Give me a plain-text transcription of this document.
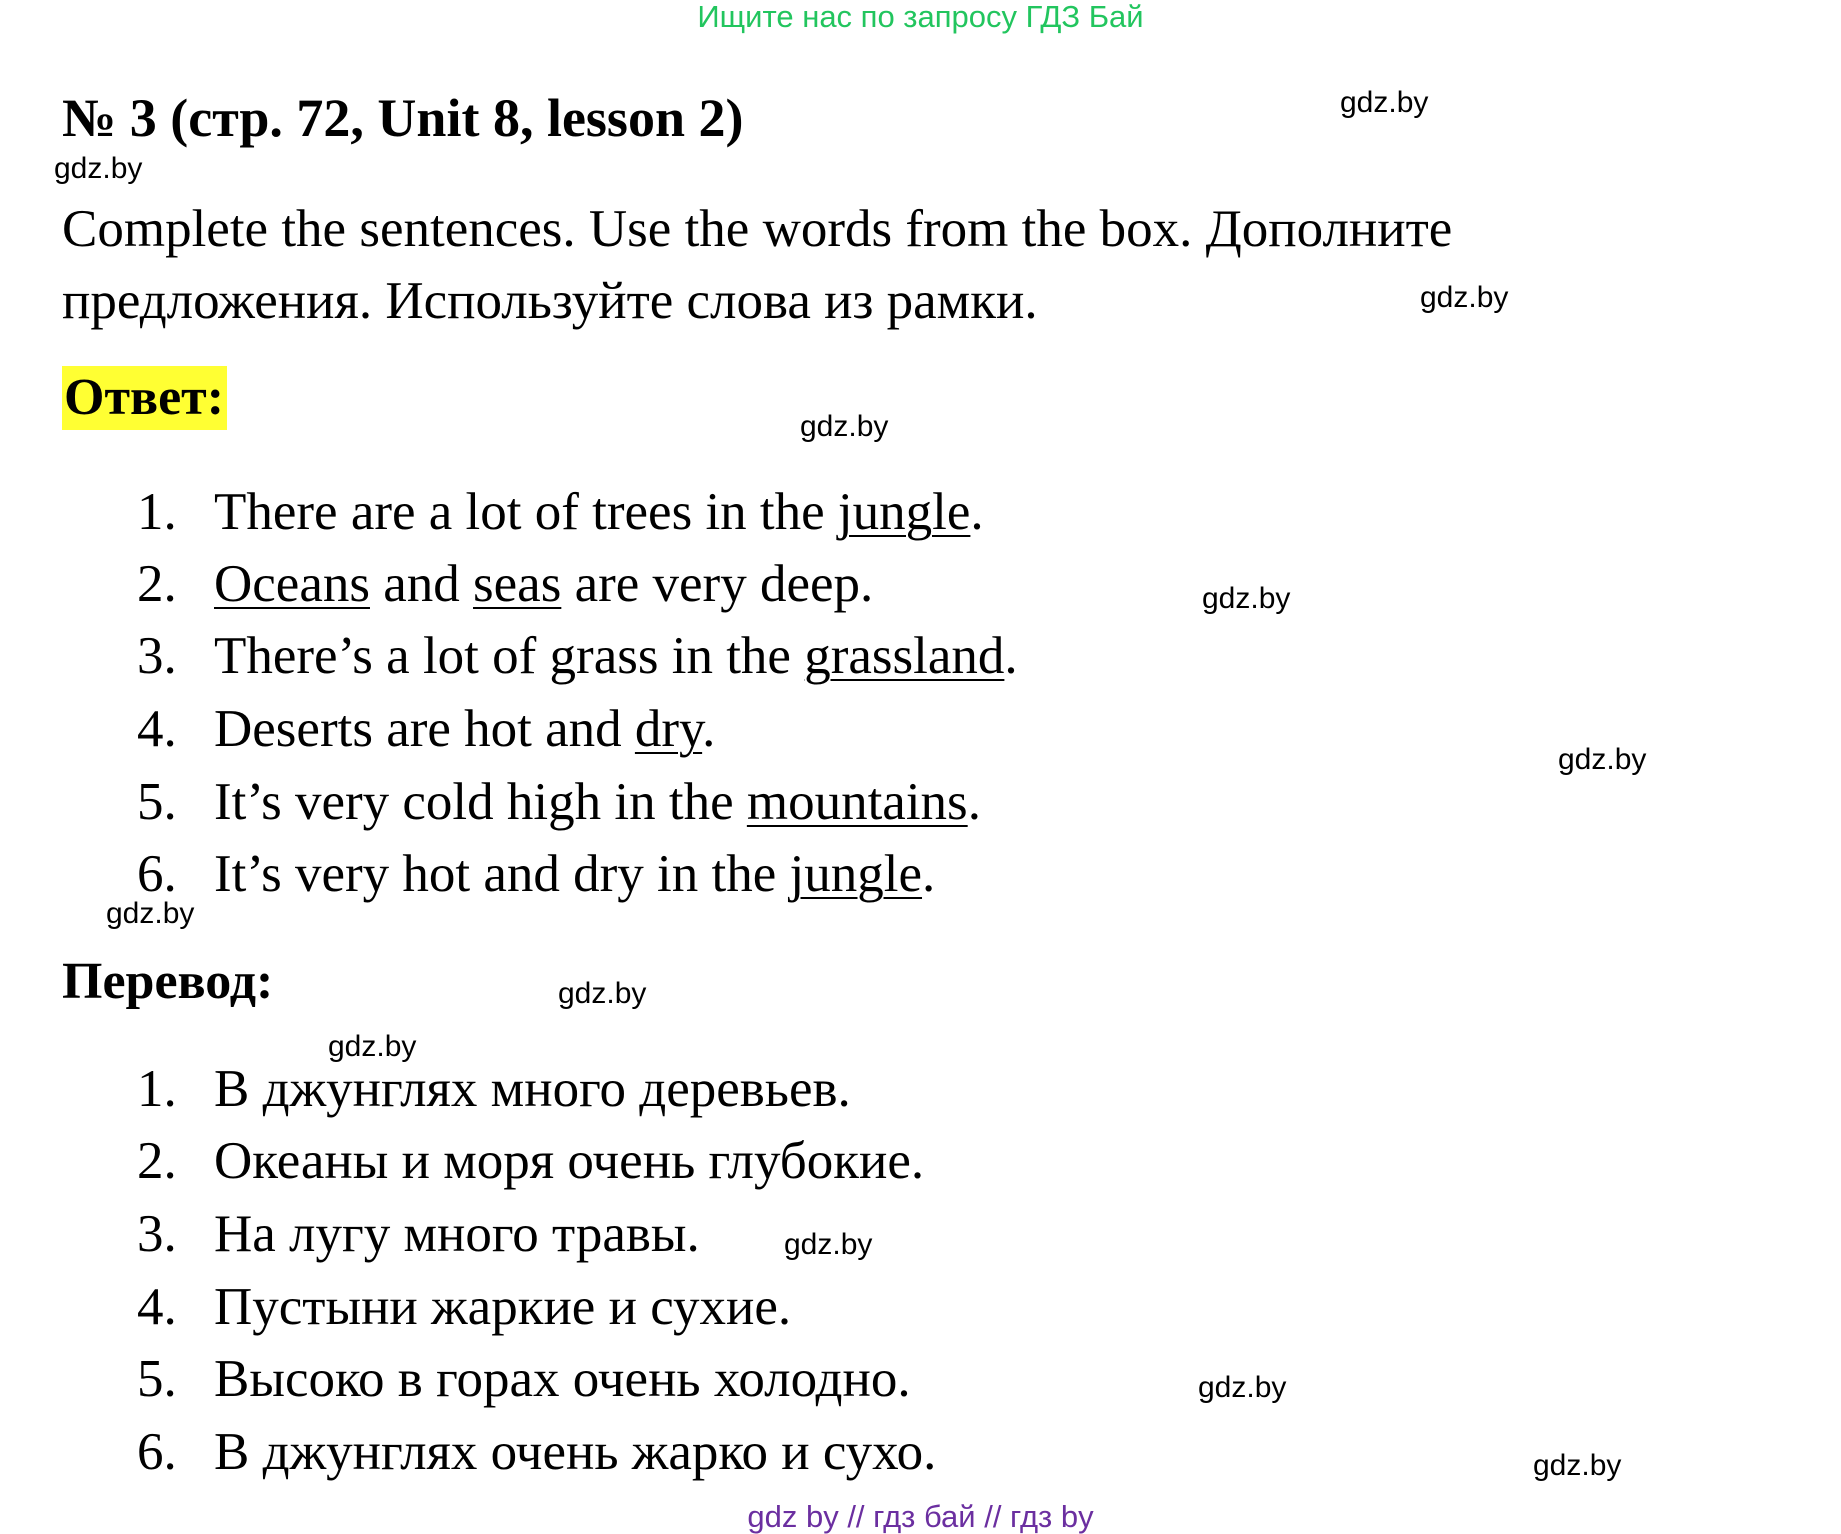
Ищите нас по запросу ГДЗ Бай
№ 3 (стр. 72, Unit 8, lesson 2)
Complete the sentences. Use the words from the box. Дополните
предложения. Используйте слова из рамки.
Ответ:
1. There are a lot of trees in the jungle.
2. Oceans and seas are very deep.
3. There’s a lot of grass in the grassland.
4. Deserts are hot and dry.
5. It’s very cold high in the mountains.
6. It’s very hot and dry in the jungle.
Перевод:
1. В джунглях много деревьев.
2. Океаны и моря очень глубокие.
3. На лугу много травы.
4. Пустыни жаркие и сухие.
5. Высоко в горах очень холодно.
6. В джунглях очень жарко и сухо.
gdz.by
gdz.by
gdz.by
gdz.by
gdz.by
gdz.by
gdz.by
gdz.by
gdz.by
gdz.by
gdz.by
gdz.by
gdz by // гдз бай // гдз by
